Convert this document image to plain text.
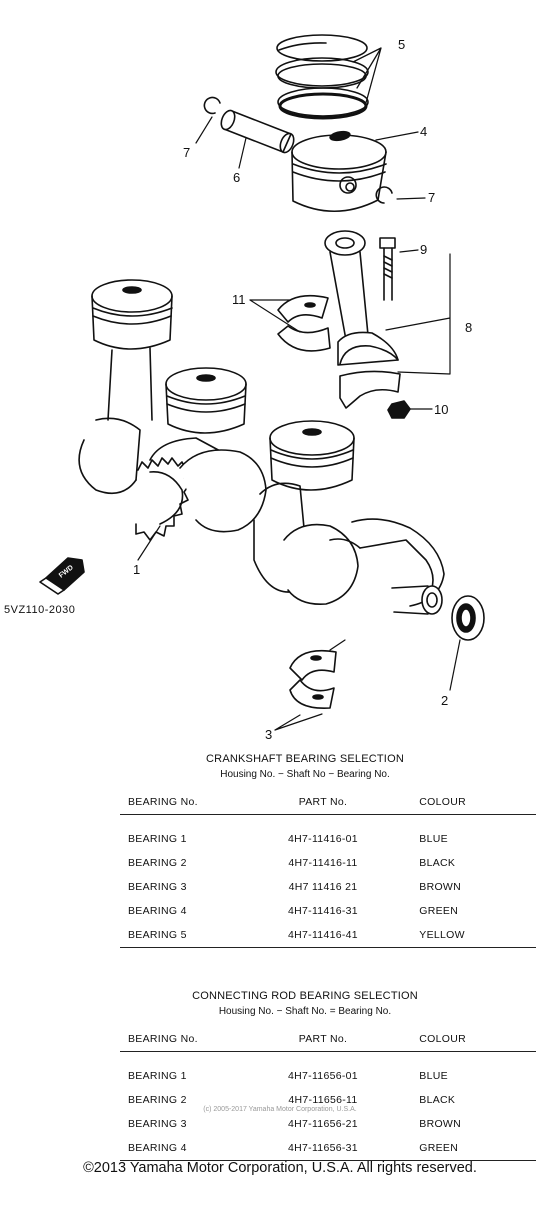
FWD
5
7
4
6
7
9
11
8
10
1
2
3
5VZ110-2030
CRANKSHAFT BEARING SELECTION
Housing No. − Shaft No − Bearing No.
BEARING No.	PART No.	COLOUR

BEARING 1	4H7-11416-01	BLUE
BEARING 2	4H7-11416-11	BLACK
BEARING 3	4H7 11416 21	BROWN
BEARING 4	4H7-11416-31	GREEN
BEARING 5	4H7-11416-41	YELLOW
CONNECTING ROD BEARING SELECTION
Housing No. − Shaft No. = Bearing No.
BEARING No.	PART No.	COLOUR

BEARING 1	4H7-11656-01	BLUE
BEARING 2	4H7-11656-11	BLACK
BEARING 3	4H7-11656-21	BROWN
BEARING 4	4H7-11656-31	GREEN
(c) 2005-2017 Yamaha Motor Corporation, U.S.A.
©2013 Yamaha Motor Corporation, U.S.A. All rights reserved.
